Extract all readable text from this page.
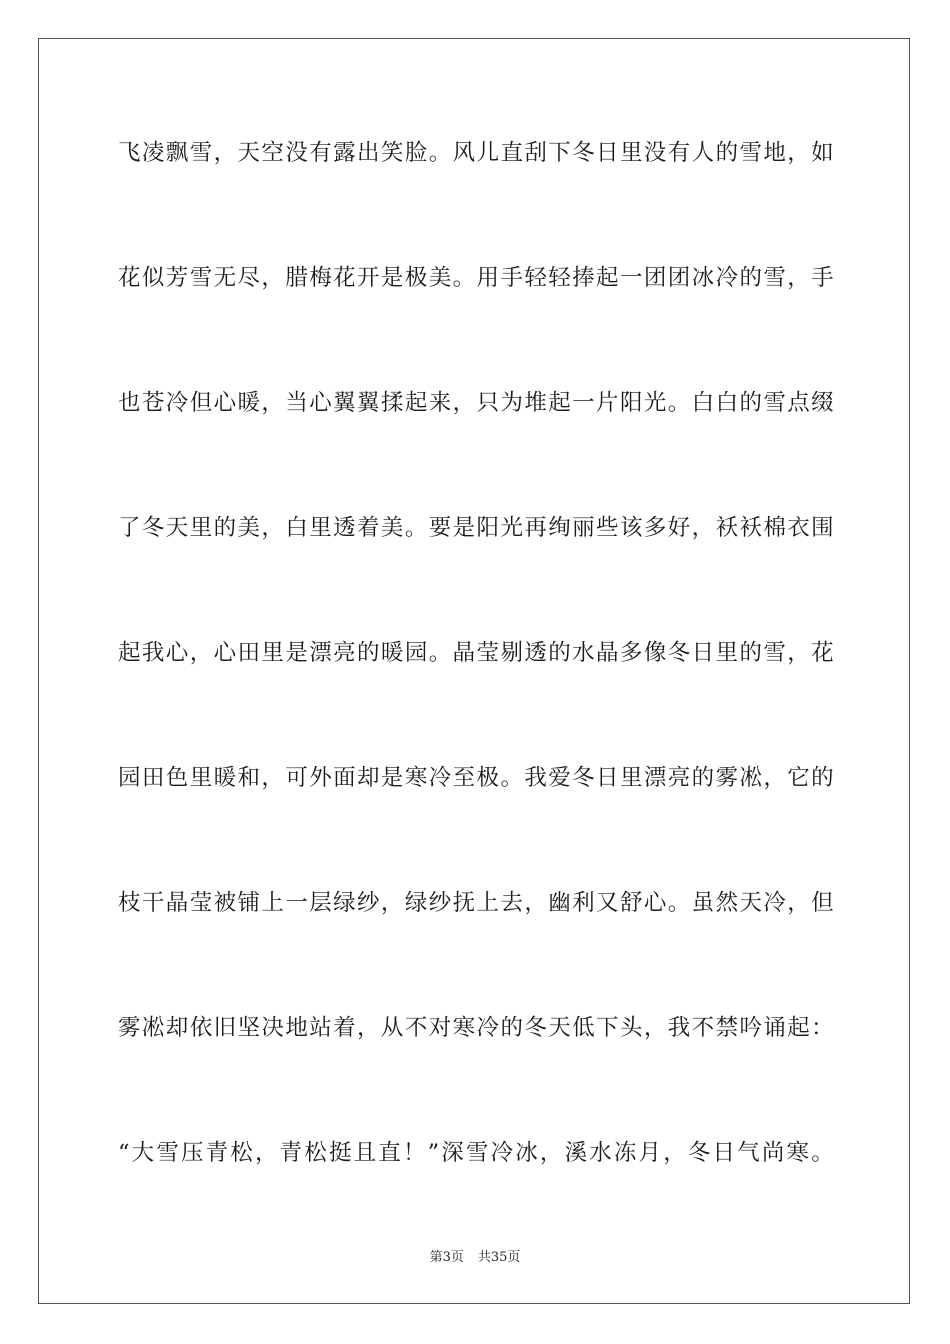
飞凌飘雪，天空没有露出笑脸。风儿直刮下冬日里没有人的雪地，如
花似芳雪无尽，腊梅花开是极美。用手轻轻捧起一团团冰冷的雪，手
也苍冷但心暖，当心翼翼揉起来，只为堆起一片阳光。白白的雪点缀
了冬天里的美，白里透着美。要是阳光再绚丽些该多好，袄袄棉衣围
起我心，心田里是漂亮的暖园。晶莹剔透的水晶多像冬日里的雪，花
园田色里暖和，可外面却是寒冷至极。我爱冬日里漂亮的雾凇，它的
枝干晶莹被铺上一层绿纱，绿纱抚上去，幽利又舒心。虽然天冷，但
雾凇却依旧坚决地站着，从不对寒冷的冬天低下头，我不禁吟诵起：
“大雪压青松，青松挺且直！”深雪冷冰，溪水冻月，冬日气尚寒。
第3页 共35页
